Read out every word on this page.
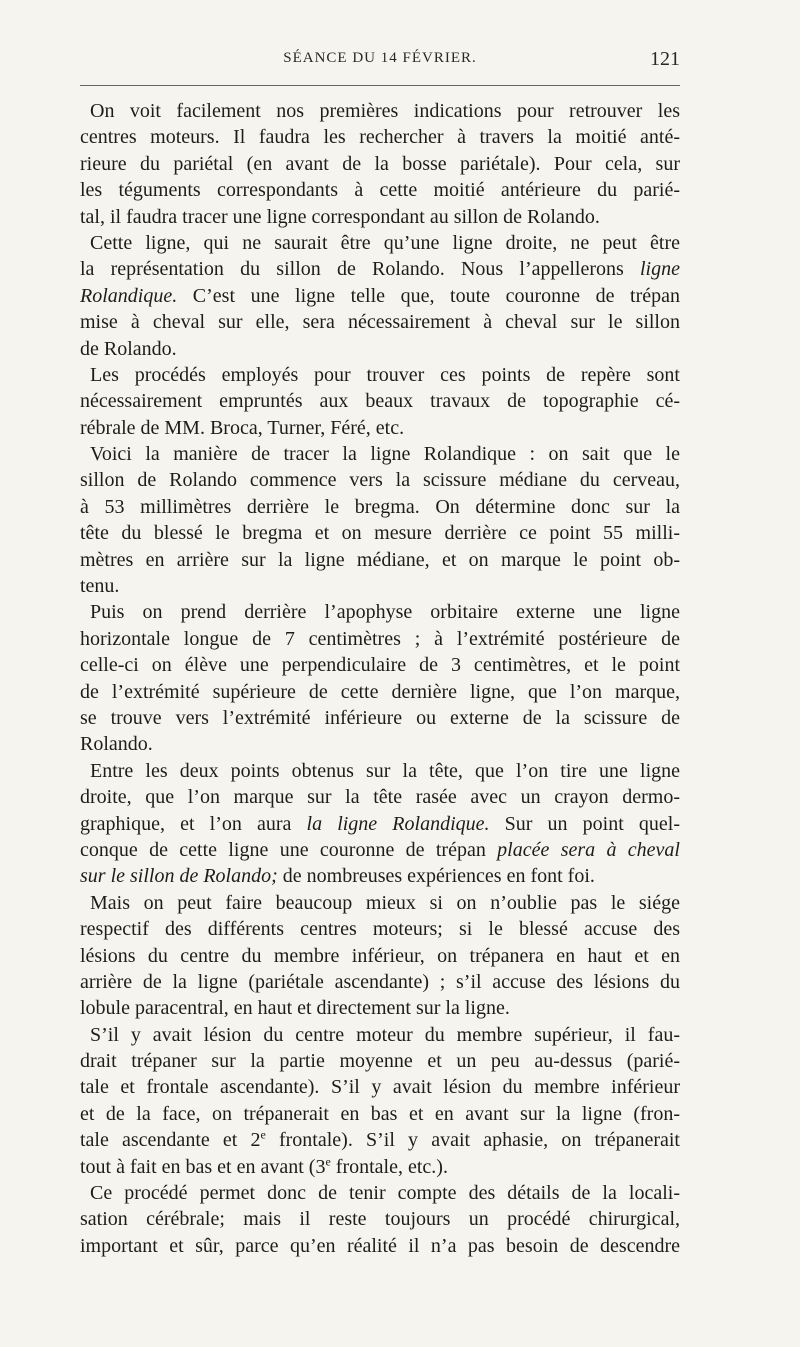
SÉANCE DU 14 FÉVRIER.	121
On voit facilement nos premières indications pour retrouver les
centres moteurs. Il faudra les rechercher à travers la moitié anté-
rieure du pariétal (en avant de la bosse pariétale). Pour cela, sur
les téguments correspondants à cette moitié antérieure du parié-
tal, il faudra tracer une ligne correspondant au sillon de Rolando.
Cette ligne, qui ne saurait être qu’une ligne droite, ne peut être
la représentation du sillon de Rolando. Nous l’appellerons ligne
Rolandique. C’est une ligne telle que, toute couronne de trépan
mise à cheval sur elle, sera nécessairement à cheval sur le sillon
de Rolando.
Les procédés employés pour trouver ces points de repère sont
nécessairement empruntés aux beaux travaux de topographie cé-
rébrale de MM. Broca, Turner, Féré, etc.
Voici la manière de tracer la ligne Rolandique : on sait que le
sillon de Rolando commence vers la scissure médiane du cerveau,
à 53 millimètres derrière le bregma. On détermine donc sur la
tête du blessé le bregma et on mesure derrière ce point 55 milli-
mètres en arrière sur la ligne médiane, et on marque le point ob-
tenu.
Puis on prend derrière l’apophyse orbitaire externe une ligne
horizontale longue de 7 centimètres ; à l’extrémité postérieure de
celle-ci on élève une perpendiculaire de 3 centimètres, et le point
de l’extrémité supérieure de cette dernière ligne, que l’on marque,
se trouve vers l’extrémité inférieure ou externe de la scissure de
Rolando.
Entre les deux points obtenus sur la tête, que l’on tire une ligne
droite, que l’on marque sur la tête rasée avec un crayon dermo-
graphique, et l’on aura la ligne Rolandique. Sur un point quel-
conque de cette ligne une couronne de trépan placée sera à cheval
sur le sillon de Rolando; de nombreuses expériences en font foi.
Mais on peut faire beaucoup mieux si on n’oublie pas le siége
respectif des différents centres moteurs; si le blessé accuse des
lésions du centre du membre inférieur, on trépanera en haut et en
arrière de la ligne (pariétale ascendante) ; s’il accuse des lésions du
lobule paracentral, en haut et directement sur la ligne.
S’il y avait lésion du centre moteur du membre supérieur, il fau-
drait trépaner sur la partie moyenne et un peu au-dessus (parié-
tale et frontale ascendante). S’il y avait lésion du membre inférieur
et de la face, on trépanerait en bas et en avant sur la ligne (fron-
tale ascendante et 2e frontale). S’il y avait aphasie, on trépanerait
tout à fait en bas et en avant (3e frontale, etc.).
Ce procédé permet donc de tenir compte des détails de la locali-
sation cérébrale; mais il reste toujours un procédé chirurgical,
important et sûr, parce qu’en réalité il n’a pas besoin de descendre
